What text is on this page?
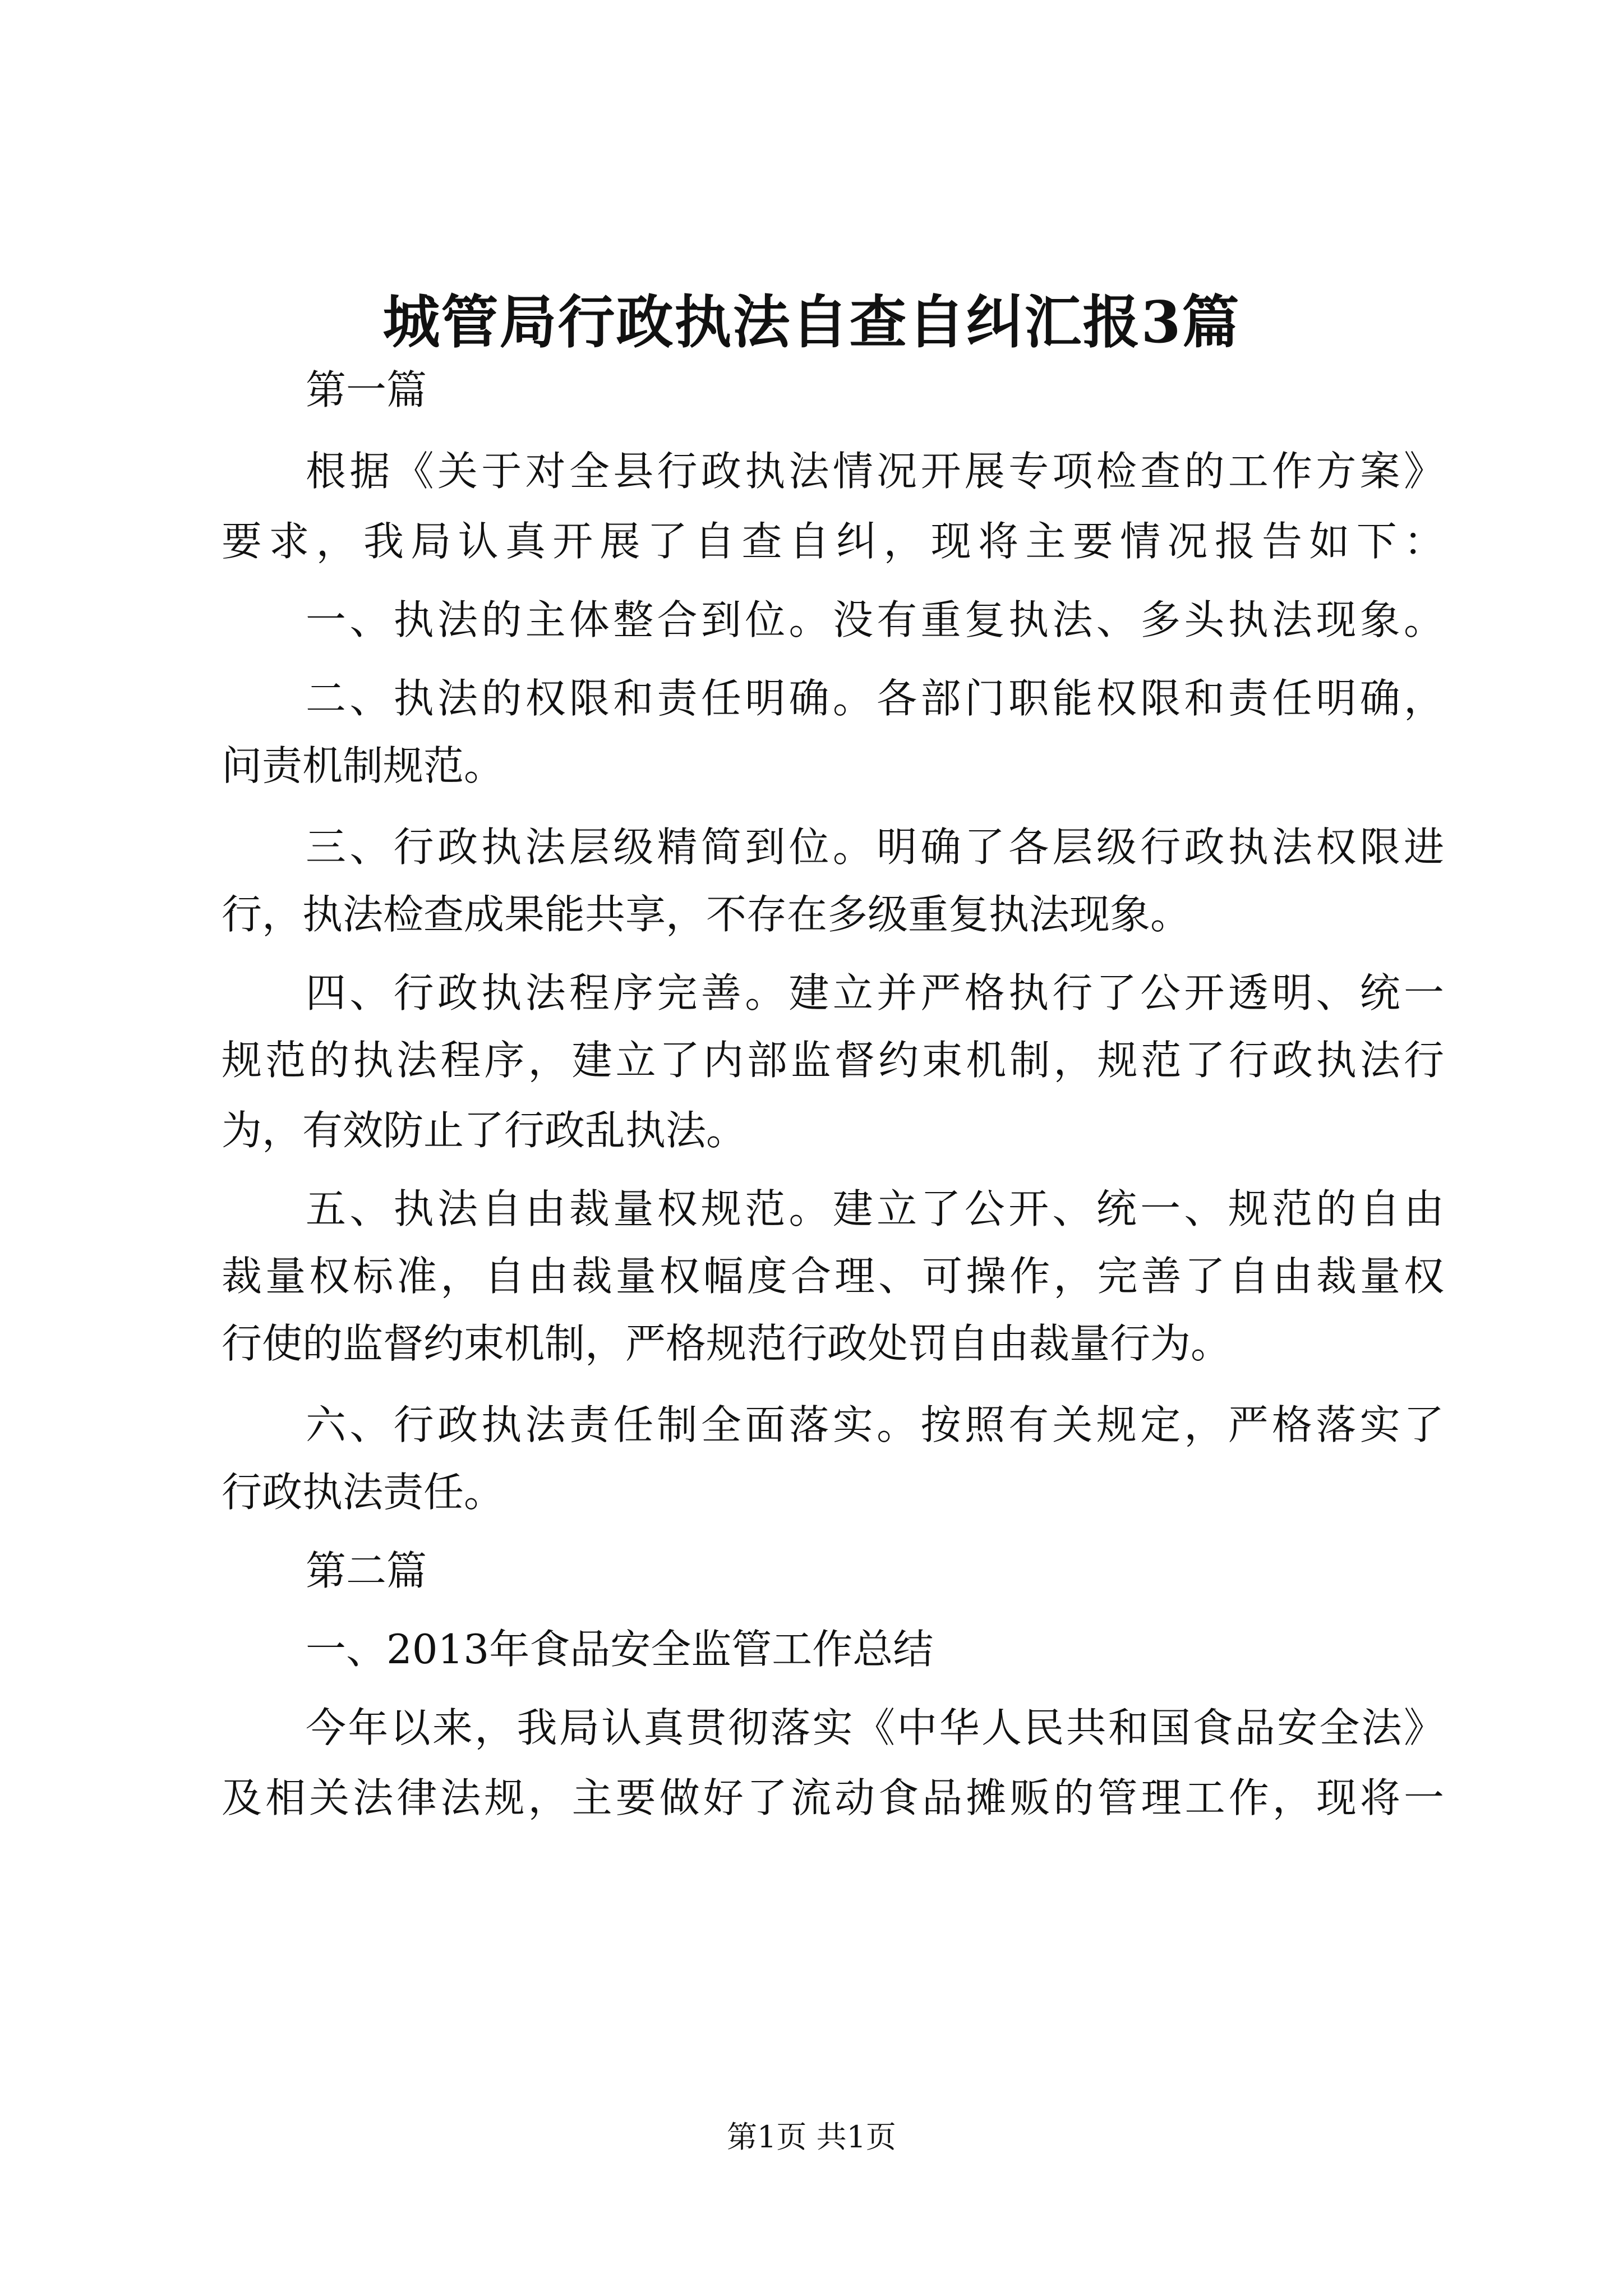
城管局行政执法自查自纠汇报3篇
第一篇
根据《关于对全县行政执法情况开展专项检查的工作方案》
要求，我局认真开展了自查自纠，现将主要情况报告如下：
一、执法的主体整合到位。没有重复执法、多头执法现象。
二、执法的权限和责任明确。各部门职能权限和责任明确，
问责机制规范。
三、行政执法层级精简到位。明确了各层级行政执法权限进
行，执法检查成果能共享，不存在多级重复执法现象。
四、行政执法程序完善。建立并严格执行了公开透明、统一
规范的执法程序，建立了内部监督约束机制，规范了行政执法行
为，有效防止了行政乱执法。
五、执法自由裁量权规范。建立了公开、统一、规范的自由
裁量权标准，自由裁量权幅度合理、可操作，完善了自由裁量权
行使的监督约束机制，严格规范行政处罚自由裁量行为。
六、行政执法责任制全面落实。按照有关规定，严格落实了
行政执法责任。
第二篇
一、2013年食品安全监管工作总结
今年以来，我局认真贯彻落实《中华人民共和国食品安全法》
及相关法律法规，主要做好了流动食品摊贩的管理工作，现将一
第1页 共1页
